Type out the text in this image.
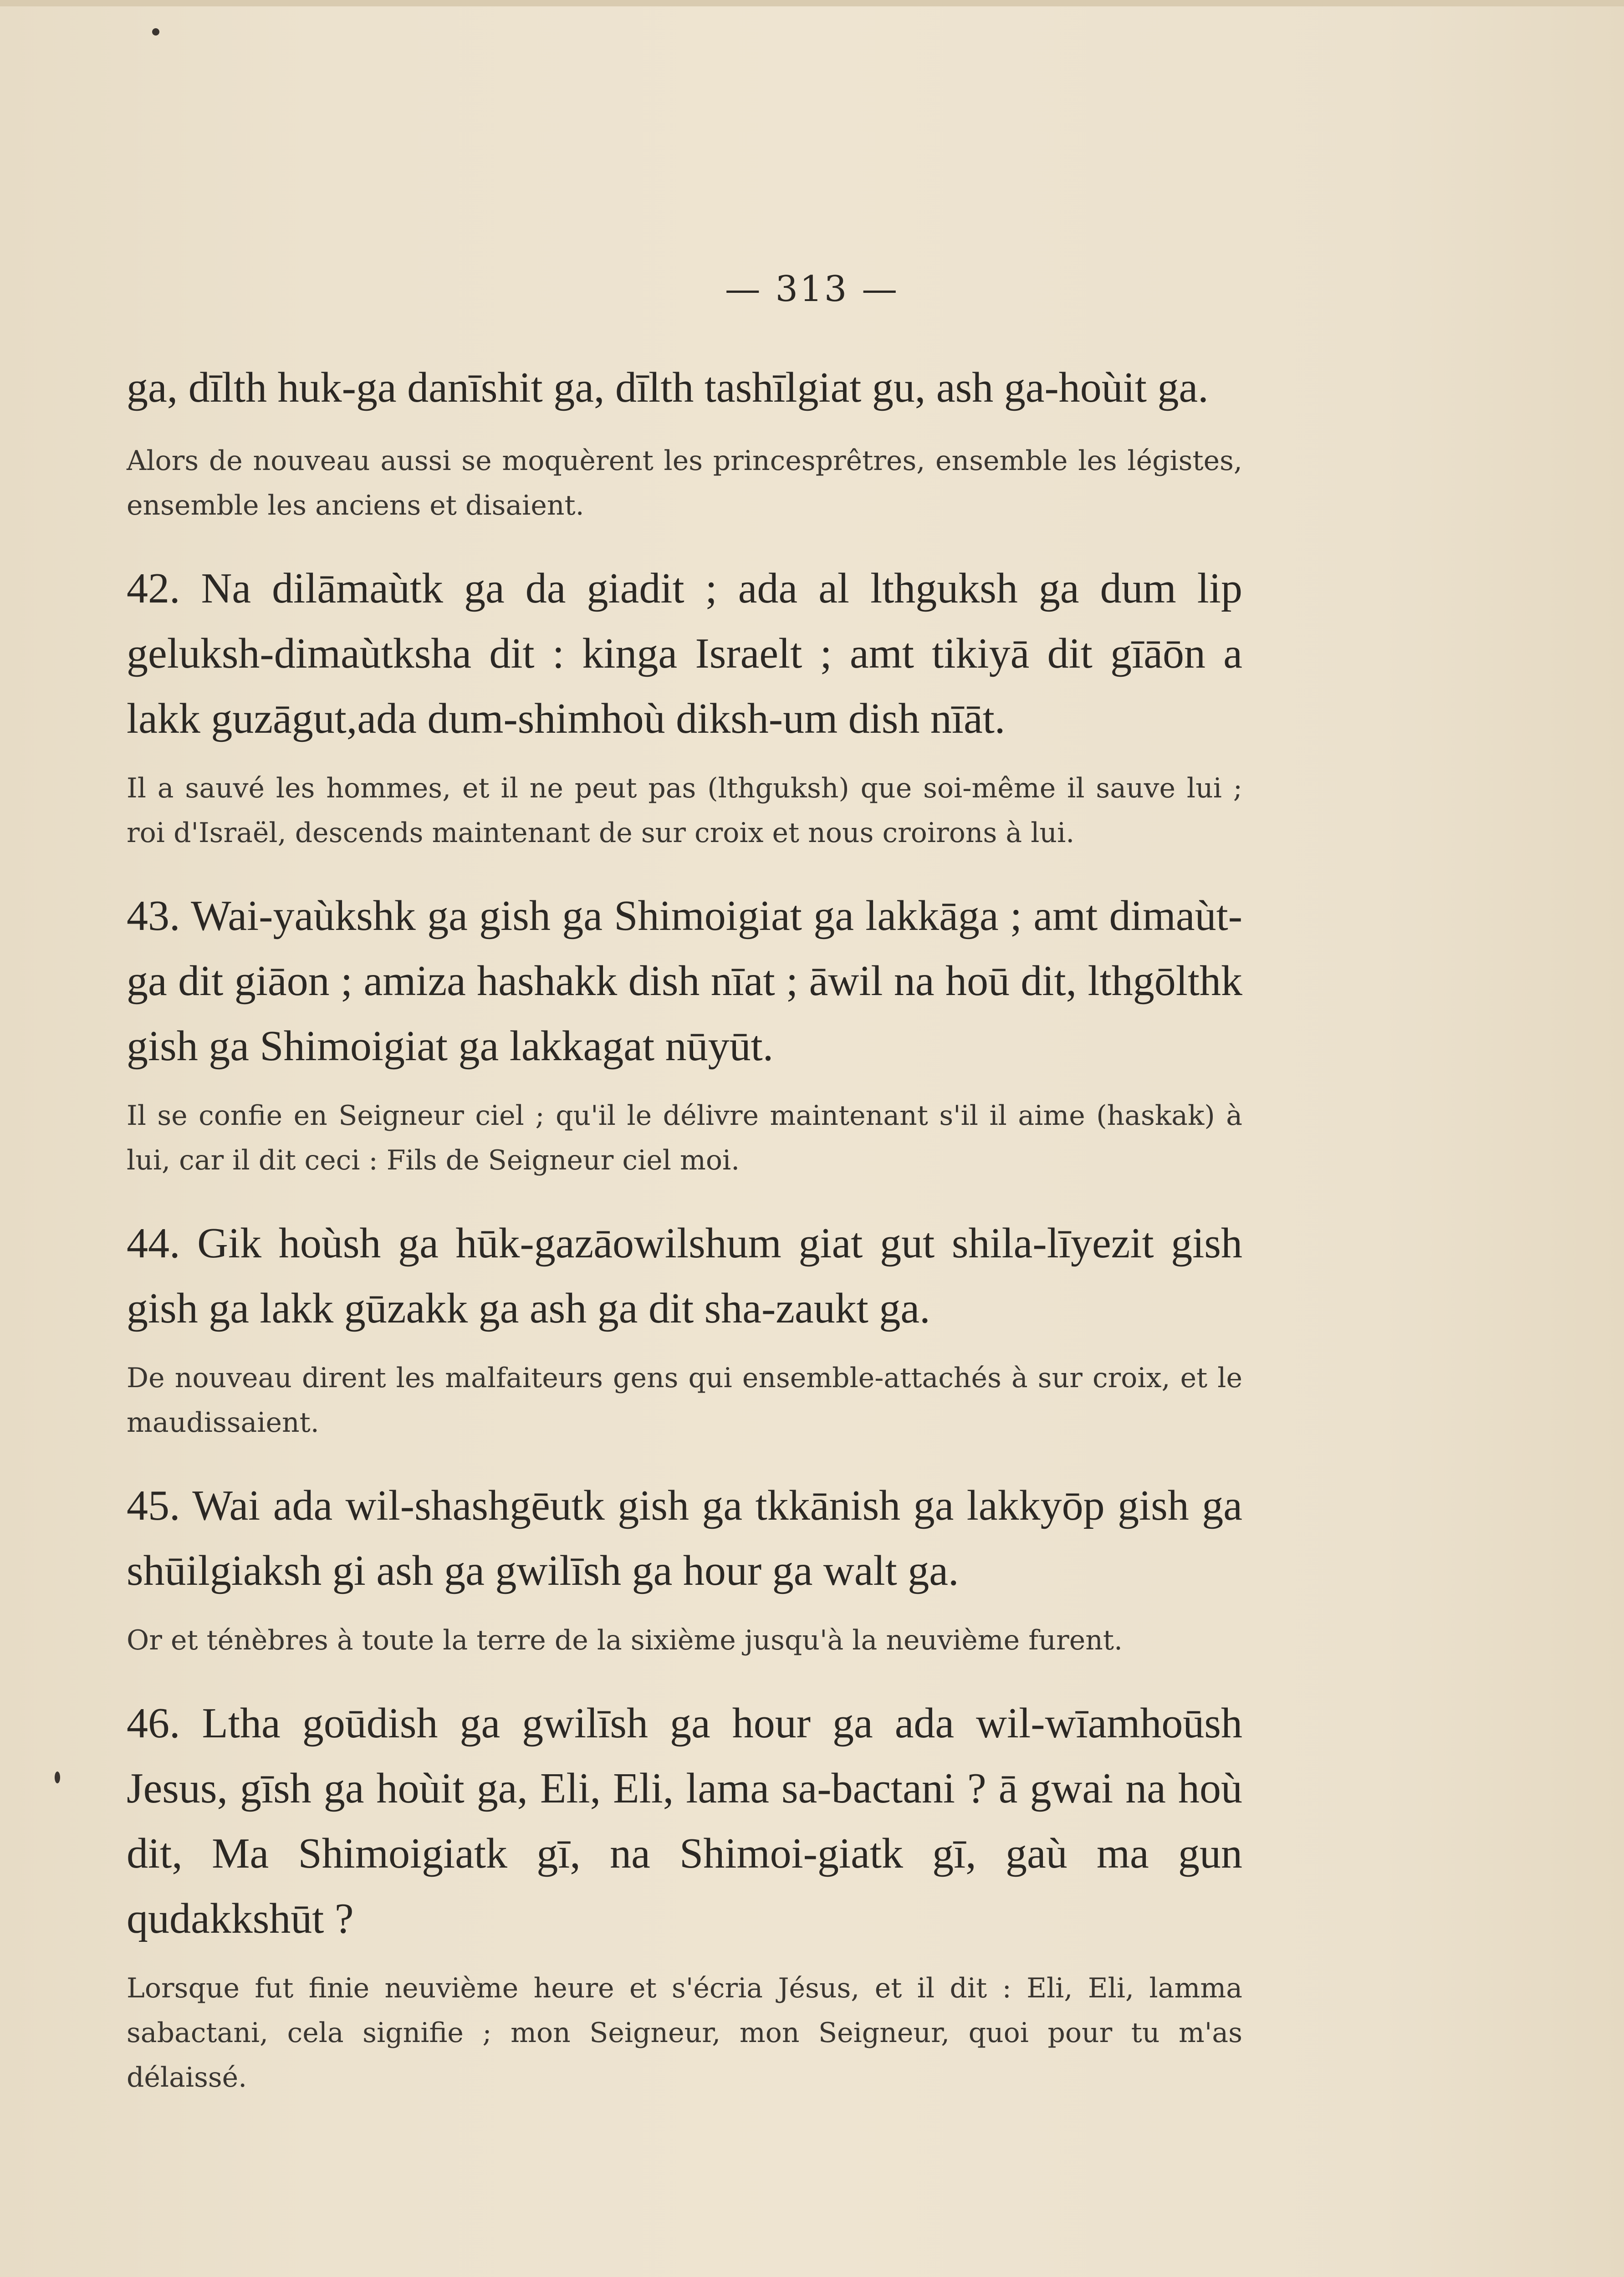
— 313 —

ga, dīlth huk-ga danīshit ga, dīlth tashīlgiat gu, ash ga-hoùit ga.

Alors de nouveau aussi se moquèrent les princesprêtres, ensemble les légistes, ensemble les anciens et disaient.

42. Na dilāmaùtk ga da giadit ; ada al lthguksh ga dum lip geluksh-dimaùtksha dit : kinga Israelt ; amt tikiyā dit gīāōn a lakk guzāgut,ada dum-shimhoù diksh-um dish nīāt.

Il a sauvé les hommes, et il ne peut pas (lthguksh) que soi-même il sauve lui ; roi d'Israël, descends maintenant de sur croix et nous croirons à lui.

43. Wai-yaùkshk ga gish ga Shimoigiat ga lakkāga ; amt dimaùt- ga dit giāon ; amiza hashakk dish nīat ; āwil na hoū dit, lthgōlthk gish ga Shimoigiat ga lakkagat nūyūt.

Il se confie en Seigneur ciel ; qu'il le délivre maintenant s'il il aime (haskak) à lui, car il dit ceci : Fils de Seigneur ciel moi.

44. Gik hoùsh ga hūk-gazāowilshum giat gut shila-līyezit gish gish ga lakk gūzakk ga ash ga dit sha-zaukt ga.

De nouveau dirent les malfaiteurs gens qui ensemble-attachés à sur croix, et le maudissaient.

45. Wai ada wil-shashgēutk gish ga tkkānish ga lakkyōp gish ga shūilgiaksh gi ash ga gwilīsh ga hour ga walt ga.

Or et ténèbres à toute la terre de la sixième jusqu'à la neuvième furent.

46. Ltha goūdish ga gwilīsh ga hour ga ada wil-wīamhoūsh Jesus, gīsh ga hoùit ga, Eli, Eli, lama sa-bactani ? ā gwai na hoù dit, Ma Shimoigiatk gī, na Shimoi-giatk gī, gaù ma gun qudakkshūt ?

Lorsque fut finie neuvième heure et s'écria Jésus, et il dit : Eli, Eli, lamma sabactani, cela signifie ; mon Seigneur, mon Seigneur, quoi pour tu m'as délaissé.
